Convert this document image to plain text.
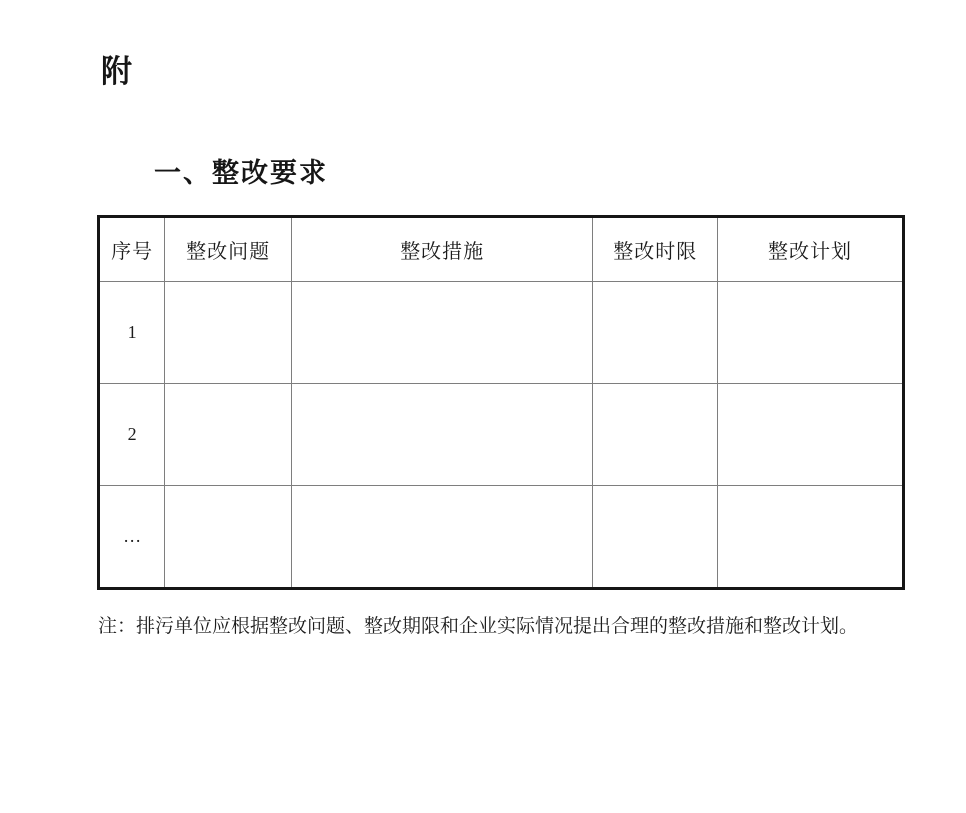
附
一、整改要求
序号	整改问题	整改措施	整改时限	整改计划
1				
2				
…				
注：排污单位应根据整改问题、整改期限和企业实际情况提出合理的整改措施和整改计划。
